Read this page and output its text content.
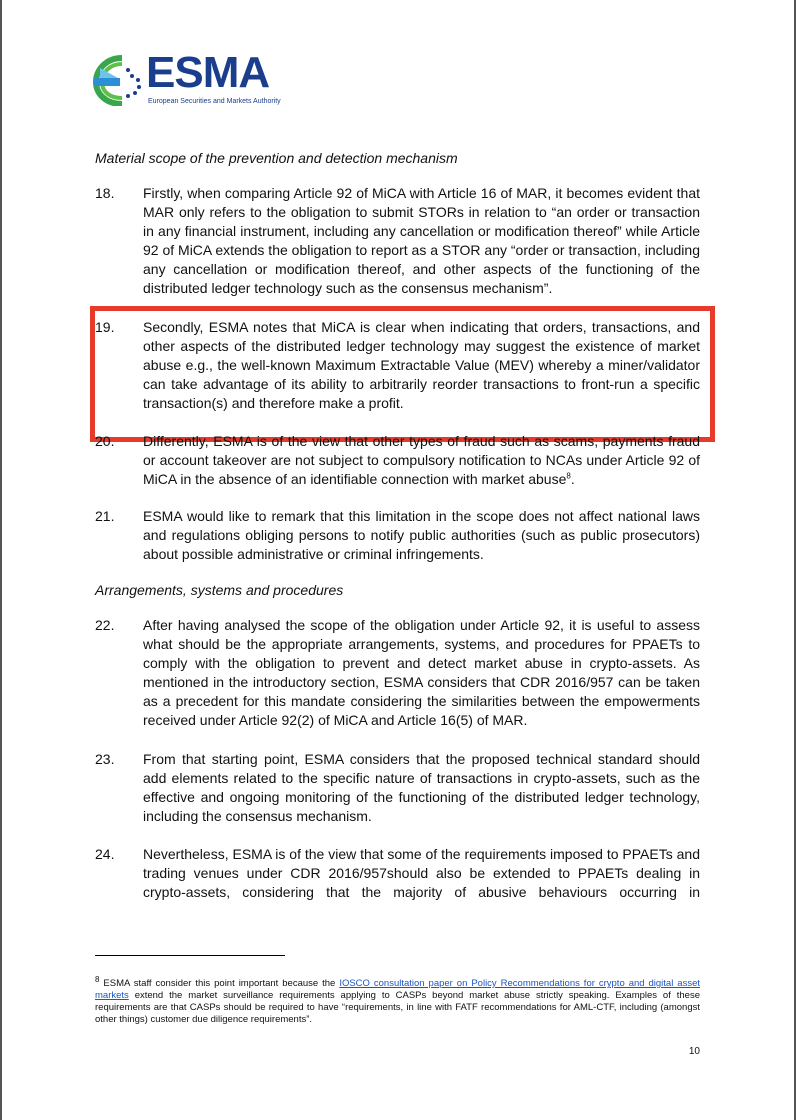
ESMA
European Securities and Markets Authority
Material scope of the prevention and detection mechanism
18.	Firstly, when comparing Article 92 of MiCA with Article 16 of MAR, it becomes evident that MAR only refers to the obligation to submit STORs in relation to “an order or transaction in any financial instrument, including any cancellation or modification thereof” while Article 92 of MiCA extends the obligation to report as a STOR any “order or transaction, including any cancellation or modification thereof, and other aspects of the functioning of the distributed ledger technology such as the consensus mechanism”.
19.	Secondly, ESMA notes that MiCA is clear when indicating that orders, transactions, and other aspects of the distributed ledger technology may suggest the existence of market abuse e.g., the well-known Maximum Extractable Value (MEV) whereby a miner/validator can take advantage of its ability to arbitrarily reorder transactions to front-run a specific transaction(s) and therefore make a profit.
20.	Differently, ESMA is of the view that other types of fraud such as scams, payments fraud or account takeover are not subject to compulsory notification to NCAs under Article 92 of MiCA in the absence of an identifiable connection with market abuse$^8$.
21.	ESMA would like to remark that this limitation in the scope does not affect national laws and regulations obliging persons to notify public authorities (such as public prosecutors) about possible administrative or criminal infringements.
Arrangements, systems and procedures
22.	After having analysed the scope of the obligation under Article 92, it is useful to assess what should be the appropriate arrangements, systems, and procedures for PPAETs to comply with the obligation to prevent and detect market abuse in crypto-assets. As mentioned in the introductory section, ESMA considers that CDR 2016/957 can be taken as a precedent for this mandate considering the similarities between the empowerments received under Article 92(2) of MiCA and Article 16(5) of MAR.
23.	From that starting point, ESMA considers that the proposed technical standard should add elements related to the specific nature of transactions in crypto-assets, such as the effective and ongoing monitoring of the functioning of the distributed ledger technology, including the consensus mechanism.
24.	Nevertheless, ESMA is of the view that some of the requirements imposed to PPAETs and trading venues under CDR 2016/957should also be extended to PPAETs dealing in crypto-assets, considering that the majority of abusive behaviours occurring in
$^8$ ESMA staff consider this point important because the IOSCO consultation paper on Policy Recommendations for crypto and digital asset markets extend the market surveillance requirements applying to CASPs beyond market abuse strictly speaking. Examples of these requirements are that CASPs should be required to have “requirements, in line with FATF recommendations for AML-CTF, including (amongst other things) customer due diligence requirements”.
10
